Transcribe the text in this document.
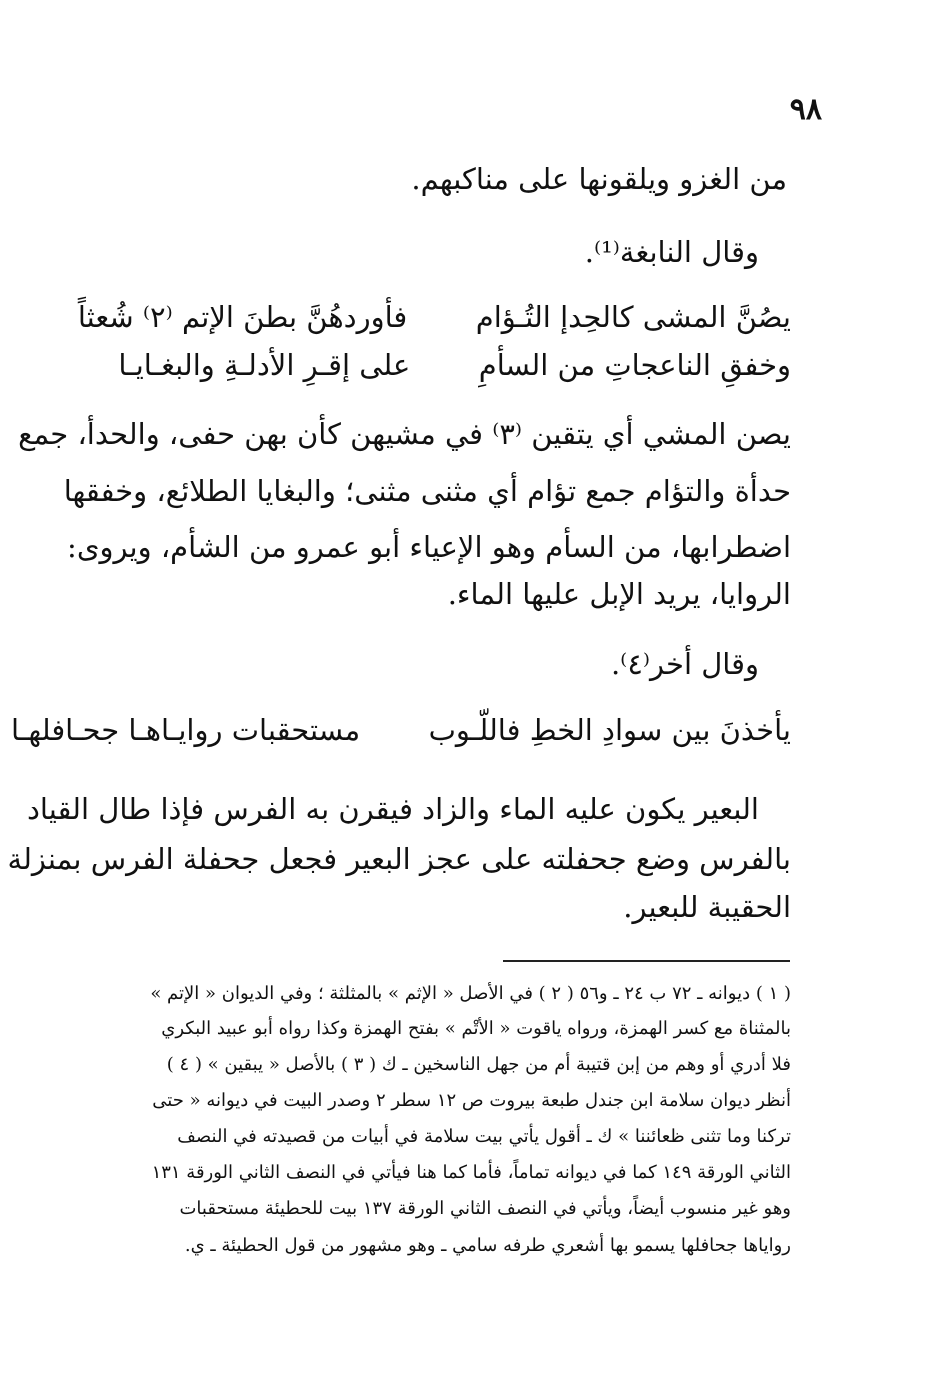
٩٨
من الغزو ويلقونها على مناكبهم.
وقال النابغة⁽¹⁾.
فأوردهُنَّ بطنَ الإتم ⁽٢⁾ شُعثاً يصُنَّ المشى كالحِدإ التُـؤام
على إقـرِ الأدلـةِ والبغـايـا وخفقِ الناعجاتِ من السأمِ
يصن المشي أي يتقين ⁽٣⁾ في مشيهن كأن بهن حفى، والحدأ، جمع
حدأة والتؤام جمع تؤام أي مثنى مثنى؛ والبغايا الطلائع، وخفقها
اضطرابها، من السأم وهو الإعياء أبو عمرو من الشأم، ويروى:
الروايا، يريد الإبل عليها الماء.
وقال أخر⁽٤⁾.
مستحقبات روايـاهـا جحـافلهـا يأخذنَ بين سوادِ الخطِ فاللّـوب
البعير يكون عليه الماء والزاد فيقرن به الفرس فإذا طال القياد
بالفرس وضع جحفلته على عجز البعير فجعل جحفلة الفرس بمنزلة
الحقيبة للبعير.
( ١ ) ديوانه ـ ٧٢ ب ٢٤ ـ و٥٦ ( ٢ ) في الأصل « الإثم » بالمثلثة ؛ وفي الديوان « الإتم »
بالمثناة مع كسر الهمزة، ورواه ياقوت « الأتْم » بفتح الهمزة وكذا رواه أبو عبيد البكري
فلا أدري أو وهم من إبن قتيبة أم من جهل الناسخين ـ ك ( ٣ ) بالأصل « يبقين » ( ٤ )
أنظر ديوان سلامة ابن جندل طبعة بيروت ص ١٢ سطر ٢ وصدر البيت في ديوانه « حتى
تركنا وما تثنى ظعائننا » ك ـ أقول يأتي بيت سلامة في أبيات من قصيدته في النصف
الثاني الورقة ١٤٩ كما في ديوانه تماماً، فأما كما هنا فيأتي في النصف الثاني الورقة ١٣١
وهو غير منسوب أيضاً، ويأتي في النصف الثاني الورقة ١٣٧ بيت للحطيئة مستحقبات
رواياها جحافلها يسمو بها أشعري طرفه سامي ـ وهو مشهور من قول الحطيئة ـ ي.
